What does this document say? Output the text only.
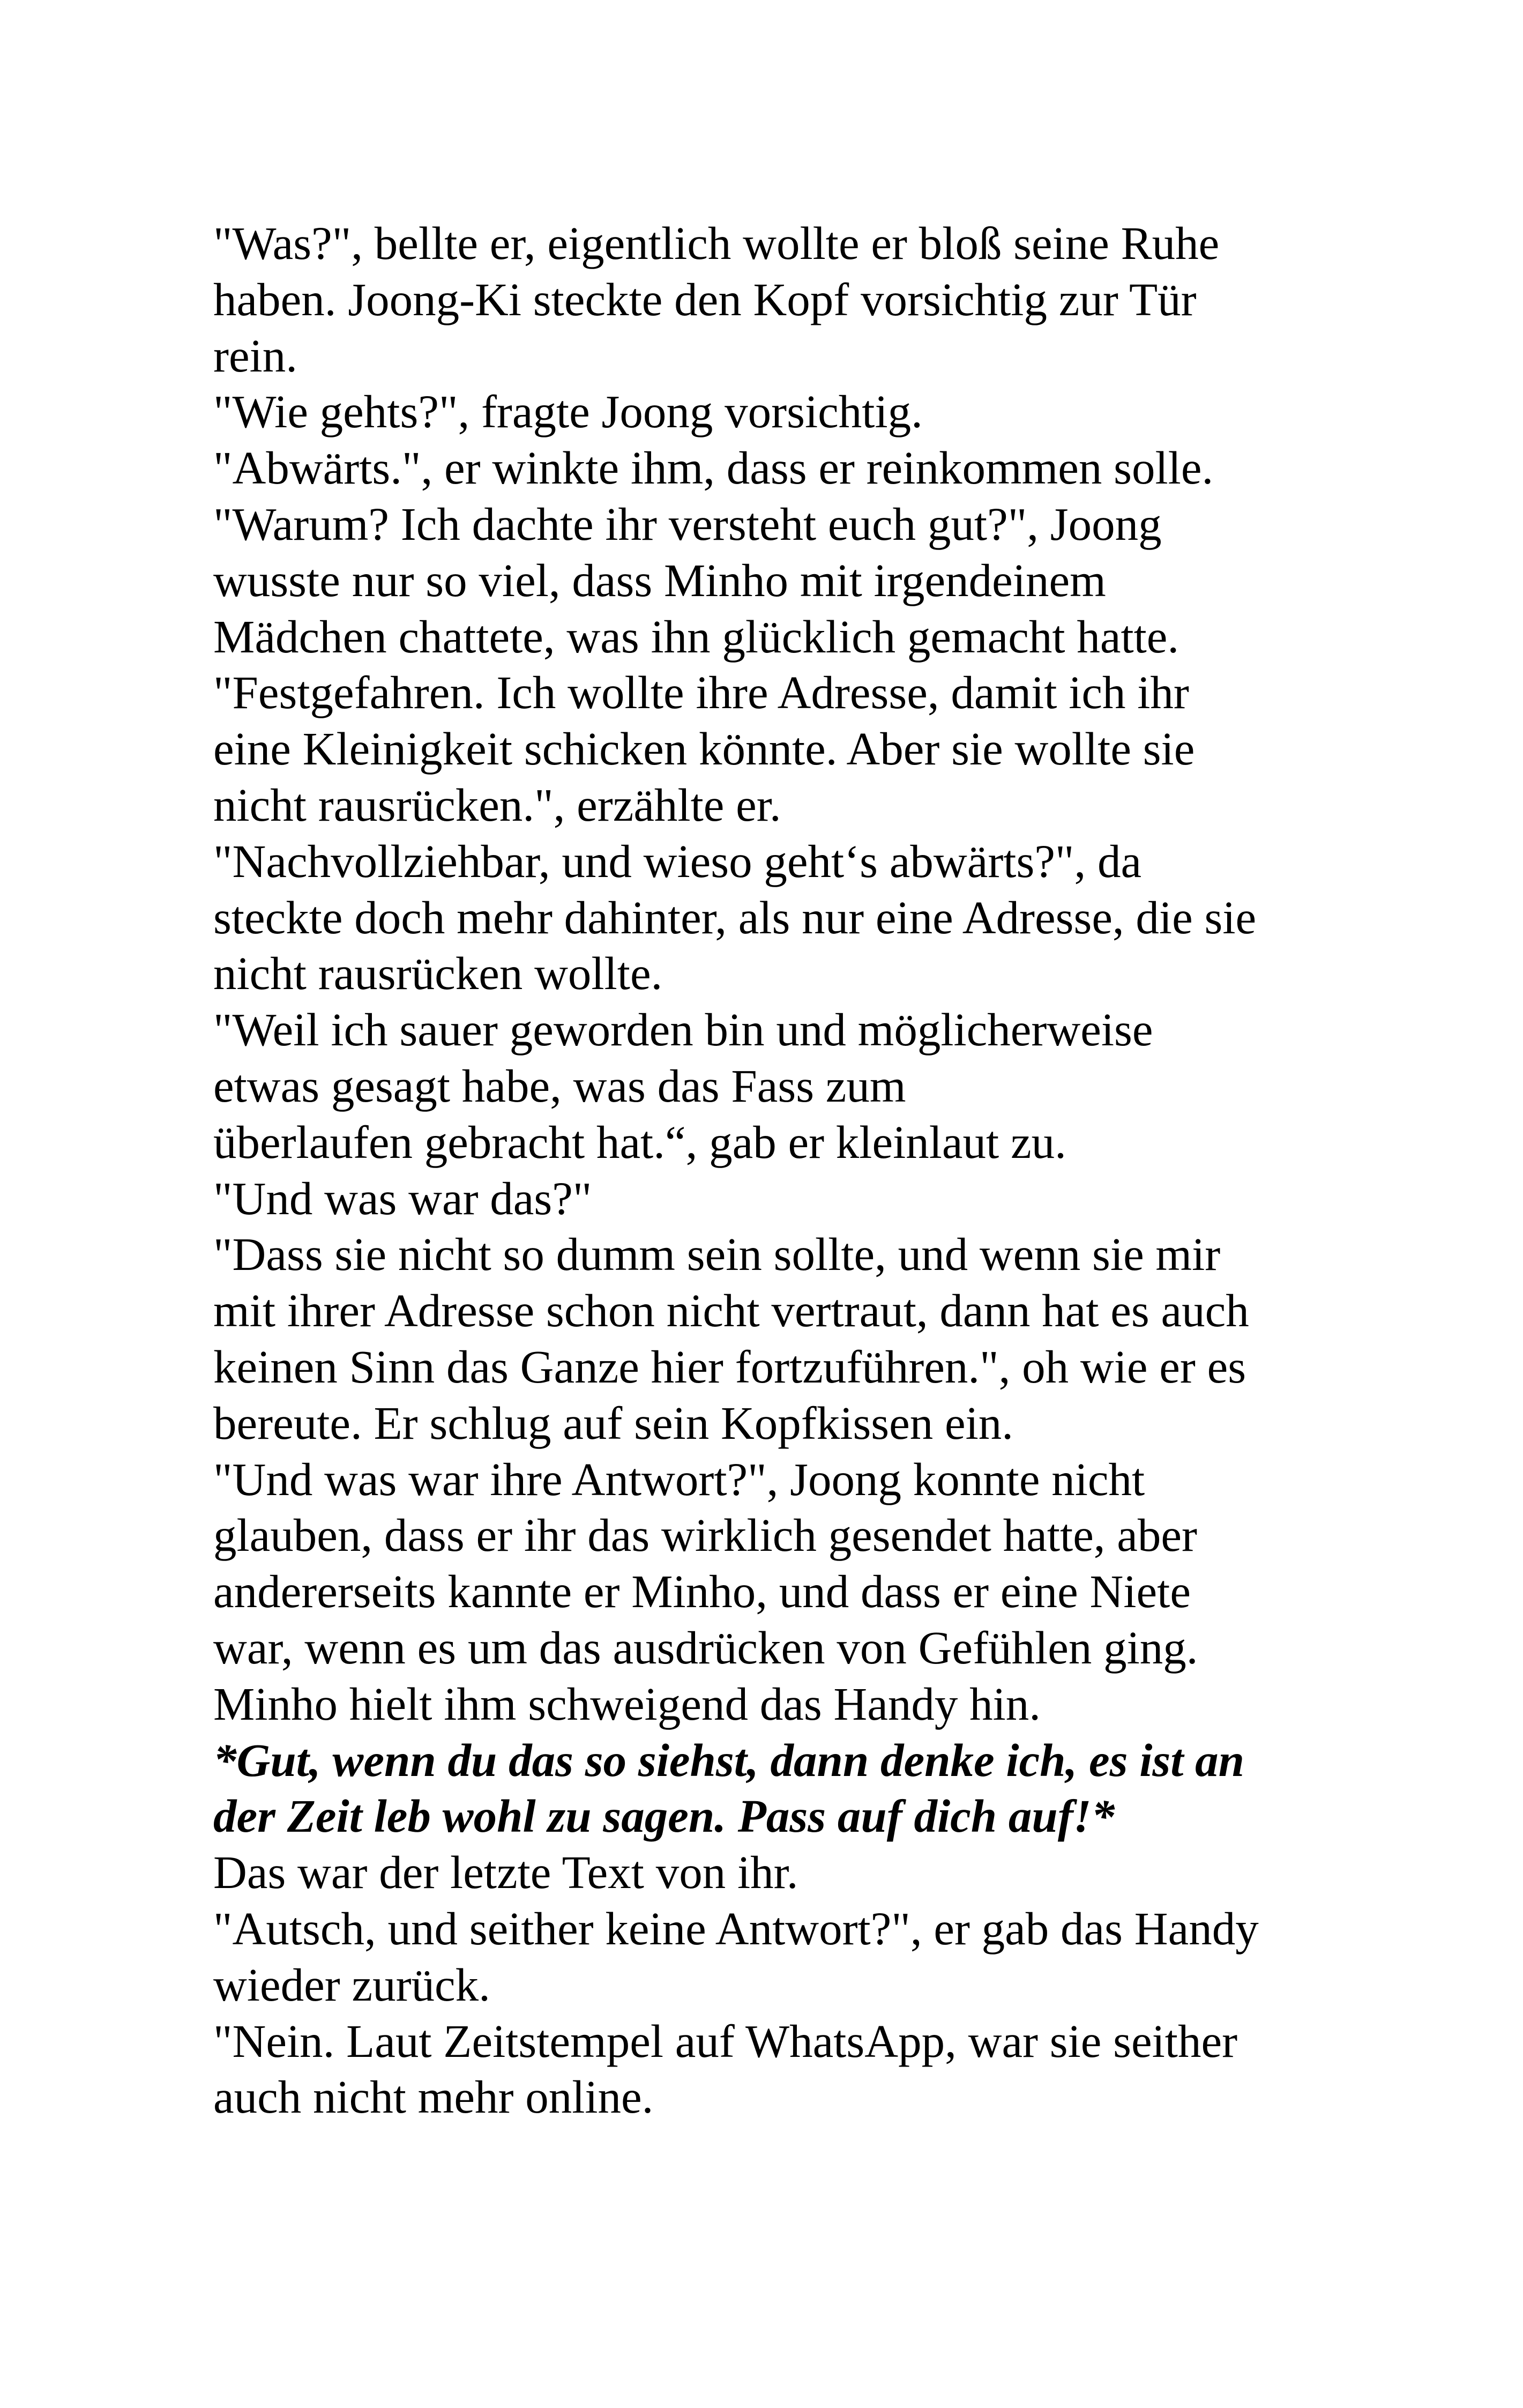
"Was?", bellte er, eigentlich wollte er bloß seine Ruhe
haben. Joong-Ki steckte den Kopf vorsichtig zur Tür
rein.
"Wie gehts?", fragte Joong vorsichtig.
"Abwärts.", er winkte ihm, dass er reinkommen solle.
"Warum? Ich dachte ihr versteht euch gut?", Joong
wusste nur so viel, dass Minho mit irgendeinem
Mädchen chattete, was ihn glücklich gemacht hatte.
"Festgefahren. Ich wollte ihre Adresse, damit ich ihr
eine Kleinigkeit schicken könnte. Aber sie wollte sie
nicht rausrücken.", erzählte er.
"Nachvollziehbar, und wieso geht‘s abwärts?", da
steckte doch mehr dahinter, als nur eine Adresse, die sie
nicht rausrücken wollte.
"Weil ich sauer geworden bin und möglicherweise
etwas gesagt habe, was das Fass zum
überlaufen gebracht hat.“, gab er kleinlaut zu.
"Und was war das?"
"Dass sie nicht so dumm sein sollte, und wenn sie mir
mit ihrer Adresse schon nicht vertraut, dann hat es auch
keinen Sinn das Ganze hier fortzuführen.", oh wie er es
bereute. Er schlug auf sein Kopfkissen ein.
"Und was war ihre Antwort?", Joong konnte nicht
glauben, dass er ihr das wirklich gesendet hatte, aber
andererseits kannte er Minho, und dass er eine Niete
war, wenn es um das ausdrücken von Gefühlen ging.
Minho hielt ihm schweigend das Handy hin.
*Gut, wenn du das so siehst, dann denke ich, es ist an
der Zeit leb wohl zu sagen. Pass auf dich auf!*
Das war der letzte Text von ihr.
"Autsch, und seither keine Antwort?", er gab das Handy
wieder zurück.
"Nein. Laut Zeitstempel auf WhatsApp, war sie seither
auch nicht mehr online.
